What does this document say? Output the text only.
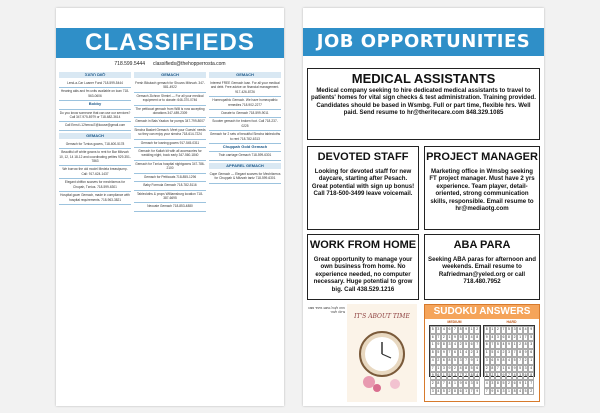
CLASSIFIEDS
718.599.5444 classifieds@thehopperrosta.com
לשם חתונה
Lend-a-Car Loaner Fund 718-599-5444
Hearing aids and fm units available on loan 718-563-0606
Bobby
Do you know someone that can use our services? Call 347-975-8979 or 718-682-3614
Call Ernst L12hmva.E@kouse@gmail.com
GEMACH
Gemach for Tznius gowns, 718-600-5178
Beautiful off white gowns to rent for Bar Mitzvah 10, 12, 14 18-12 and coordinating petites 929-351-7863
We borrow the old model Medela breastpump. Call: 917-624-1437
Elegant chiffon scarves for mechitzeros for Chupah, Tznius. 718-599-6301
Hospital gown Gemach, made in compliance with hospital requirements. 718-963-3821
GEMACH
Fresh Bikutach gemach for Shuvos Mitzvah. 347-581-4922
Gemach Zichron Shmiel — For all your medical equipment or to donate: 646-370-0746
The petticoat gemach from Willi is now accepting donations 347-489-2309
Gemach in Bais Yaakov for pumps 347-799-8007
Simcha Basket Gemach. Meet your Guests' needs so they can enjoy your simcha 718-614-7224
Gemach for loaning gowns 917-545-0311
Gemach for Kallah kit with all accessories for wedding night, book early 347-560-1840
Gemach for Tznius hospital nightgowns 347-786-2100
Gemach for Petticoats 718-855-1296
Baby Formula Gemach 718-782-5116
Tablecloths & props Williamsburg location 718-387-6695
Neocate Gemach 718-853-4880
GEMACH
Interest FREE Gemach loan. For all your medical and debt. Free advice on financial management. 917-426-8726
Homeopathic Gemach. We have homeopathic remedies 718-902-2277
Donate to Gemach 718-599-9011
Scooter gemach for broken foot. Call 718-237-0225
Gemach for 2 sets of beautiful Simcha tablecloths to rent 718-782-6313
Chuppah Gold Gemach
Twin carriage Gemach 718-599-6301
APPAREL GEMACH
Cape Gemach — Elegant scarves for Mechitzeros for Chuppah & Mitzvah tantz 718-599-6301
JOB OPPORTUNITIES
MEDICAL ASSISTANTS

Medical company seeking to hire dedicated medical assistants to travel to patients' homes for vital sign checks & test administration. Training provided. Candidates should be based in Wsmbg. Full or part time, flexible hrs. Well paid. Send resume to hr@theritecare.com 848.329.1085

DEVOTED STAFF

Looking for devoted staff for new daycare, starting after Pesach. Great potential with sign up bonus! Call 718-500-3499 leave voicemail.

PROJECT MANAGER

Marketing office in Wmsbg seeking FT project manager. Must have 2 yrs experience. Team player, detail-oriented, strong communication skills, responsible. Email resume to hr@mediaotg.com

WORK FROM HOME

Great opportunity to manage your own business from home. No experience needed, no computer necessary. Huge potential to grow big. Call 438.529.1216

ABA PARA

Seeking ABA paras for afternoon and weekends. Email resume to Rafriedman@yeled.org or call 718.480.7952

עזרה לקהל במצב מיוחד מצוה גדולה לעזור
IT'S ABOUT TIME	SUDOKU ANSWERS
MEDIUM	HARD
5	3	4	6	7	8	9	1	2
6	7	2	1	9	5	3	4	8
1	9	8	3	4	2	5	6	7
8	5	9	7	6	1	4	2	3
4	2	6	8	5	3	7	9	1
7	1	3	9	2	4	8	5	6
9	6	1	5	3	7	2	8	4
2	8	7	4	1	9	6	3	5
3	4	5	2	8	6	1	7	9
8	1	2	7	5	3	6	4	9
9	4	3	6	8	2	1	7	5
6	7	5	4	9	1	2	8	3
1	5	4	2	3	7	8	9	6
3	6	9	8	4	5	7	2	1
2	8	7	1	6	9	5	3	4
5	2	1	9	7	4	3	6	8
4	3	8	5	2	6	9	1	7
7	9	6	3	1	8	4	5	2
